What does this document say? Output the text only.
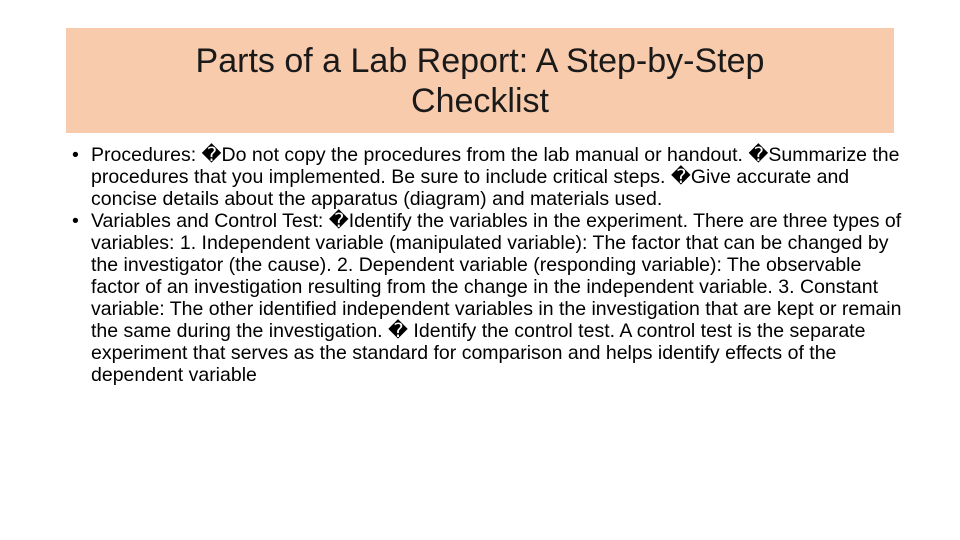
Parts of a Lab Report: A Step-by-Step Checklist
• Procedures: �Do not copy the procedures from the lab manual or handout. �Summarize the procedures that you implemented. Be sure to include critical steps. �Give accurate and concise details about the apparatus (diagram) and materials used.
• Variables and Control Test: �Identify the variables in the experiment. There are three types of variables: 1. Independent variable (manipulated variable): The factor that can be changed by the investigator (the cause). 2. Dependent variable (responding variable): The observable factor of an investigation resulting from the change in the independent variable. 3. Constant variable: The other identified independent variables in the investigation that are kept or remain the same during the investigation. � Identify the control test. A control test is the separate experiment that serves as the standard for comparison and helps identify effects of the dependent variable
